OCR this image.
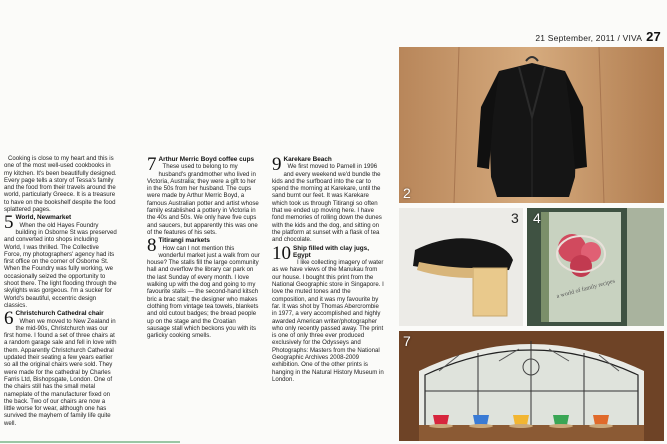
21 September, 2011 / VIVA 27

Cooking is close to my heart and this is one of the most well-used cookbooks in my kitchen. It's been beautifully designed. Every page tells a story of Tessa's family and the food from their travels around the world, particularly Greece. It is a treasure to have on the bookshelf despite the food splattered pages.

5 World, Newmarket

When the old Hayes Foundry building in Osborne St was preserved and converted into shops including World, I was thrilled. The Collective Force, my photographers' agency had its first office on the corner of Osborne St. When the Foundry was fully working, we occasionally seized the opportunity to shoot there. The light flooding through the skylights was gorgeous. I'm a sucker for World's beautiful, eccentric design classics.

6 Christchurch Cathedral chair

When we moved to New Zealand in the mid-90s, Christchurch was our first home. I found a set of three chairs at a random garage sale and fell in love with them. Apparently Christchurch Cathedral updated their seating a few years earlier so all the original chairs were sold. They were made for the cathedral by Charles Farris Ltd, Bishopsgate, London. One of the chairs still has the small metal nameplate of the manufacturer fixed on the back. Two of our chairs are now a little worse for wear, although one has survived the mayhem of family life quite well.

7 Arthur Merric Boyd coffee cups

These used to belong to my husband's grandmother who lived in Victoria, Australia; they were a gift to her in the 50s from her husband. The cups were made by Arthur Merric Boyd, a famous Australian potter and artist whose family established a pottery in Victoria in the 40s and 50s. We only have five cups and saucers, but apparently this was one of the features of his sets.

8 Titirangi markets

How can I not mention this wonderful market just a walk from our house? The stalls fill the large community hall and overflow the library car park on the last Sunday of every month. I love walking up with the dog and going to my favourite stalls — the second-hand kitsch bric a brac stall; the designer who makes clothing from vintage tea towels, blankets and old cutout badges; the bread people up on the stage and the Croatian sausage stall which beckons you with its garlicky cooking smells.

9 Karekare Beach

We first moved to Parnell in 1996 and every weekend we'd bundle the kids and the surfboard into the car to spend the morning at Karekare, until the sand burnt our feet. It was Karekare which took us through Titirangi so often that we ended up moving here. I have fond memories of rolling down the dunes with the kids and the dog, and sitting on the platform at sunset with a flask of tea and chocolate.

10 Ship filled with clay jugs, Egypt

I like collecting imagery of water as we have views of the Manukau from our house. I bought this print from the National Geographic store in Singapore. I love the muted tones and the composition, and it was my favourite by far. It was shot by Thomas Abercrombie in 1977, a very accomplished and highly awarded American writer/photographer who only recently passed away. The print is one of only three ever produced exclusively for the Odysseys and Photographs: Masters from the National Geographic Archives 2008-2009 exhibition. One of the other prints is hanging in the Natural History Museum in London.

2
3
a world of family recipes
4
7
